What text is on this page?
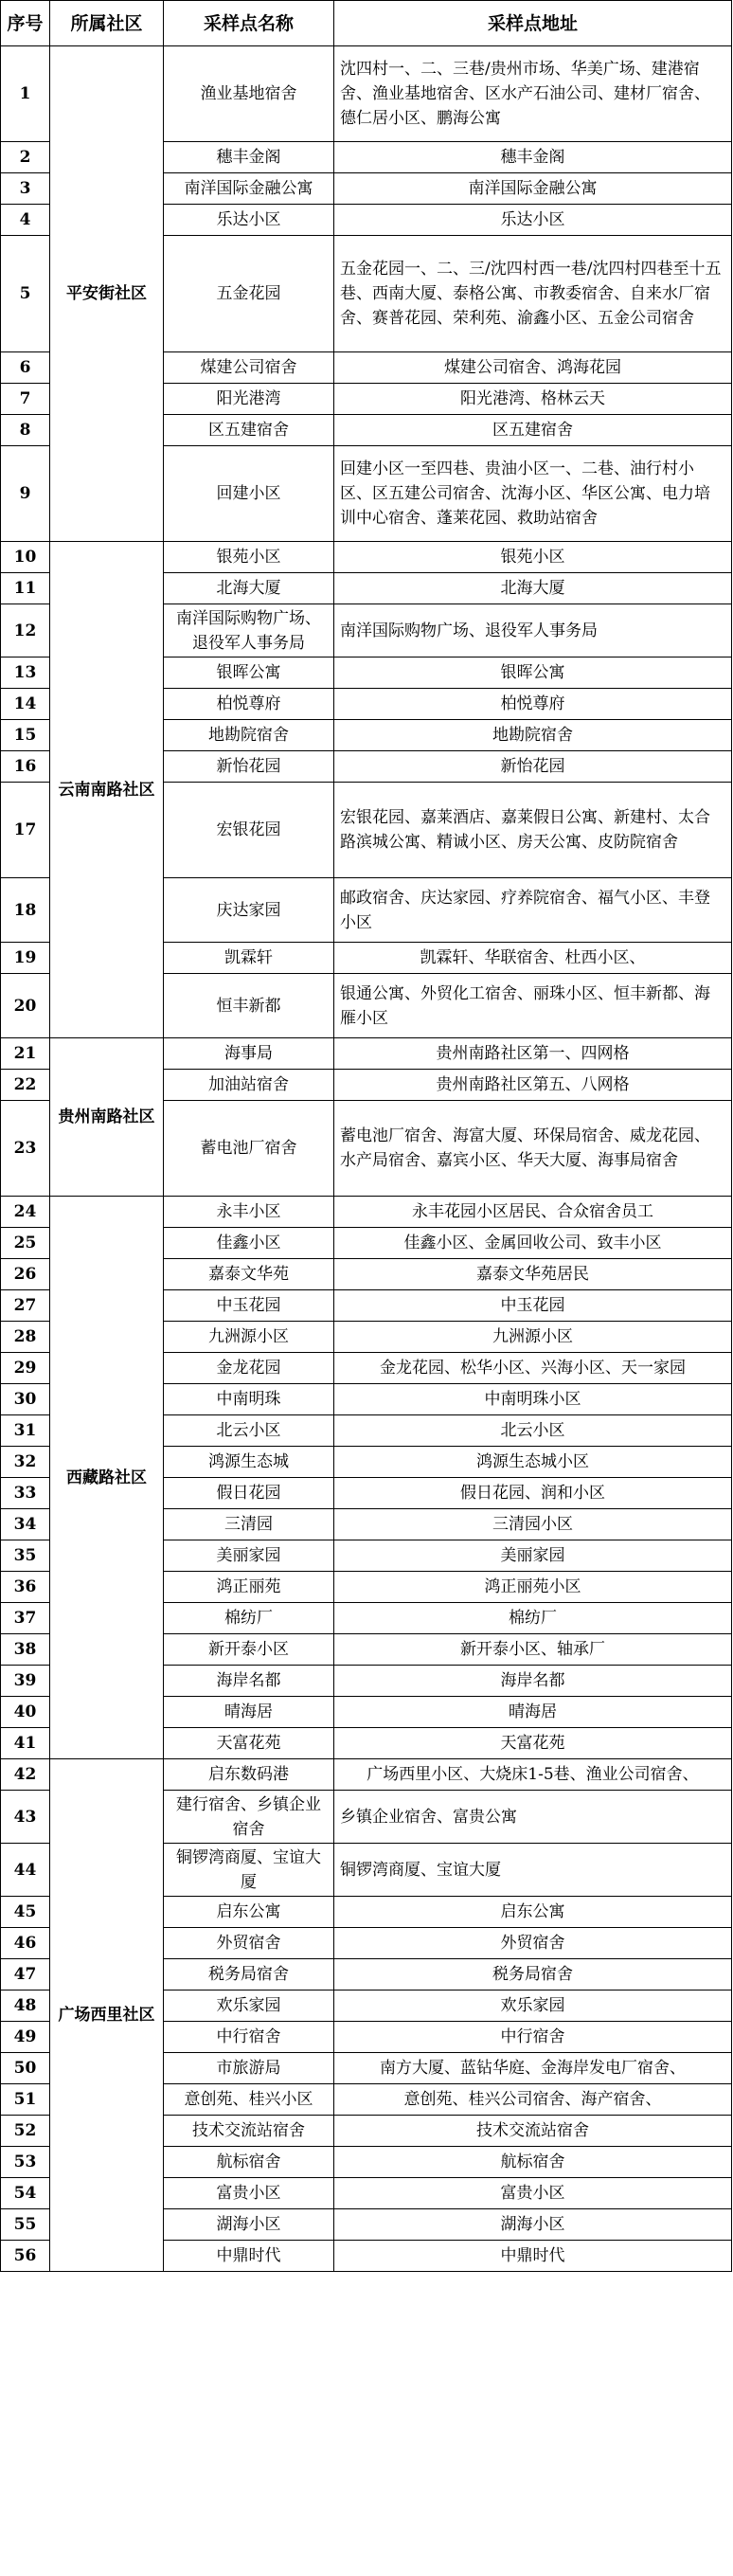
序号	所属社区	采样点名称	采样点地址
1	平安街社区	渔业基地宿舍	沈四村一、二、三巷/贵州市场、华美广场、建港宿舍、渔业基地宿舍、区水产石油公司、建材厂宿舍、德仁居小区、鹏海公寓
2		穗丰金阁	穗丰金阁
3		南洋国际金融公寓	南洋国际金融公寓
4		乐达小区	乐达小区
5		五金花园	五金花园一、二、三/沈四村西一巷/沈四村四巷至十五巷、西南大厦、泰格公寓、市教委宿舍、自来水厂宿舍、赛普花园、荣利苑、渝鑫小区、五金公司宿舍
6		煤建公司宿舍	煤建公司宿舍、鸿海花园
7		阳光港湾	阳光港湾、格林云天
8		区五建宿舍	区五建宿舍
9		回建小区	回建小区一至四巷、贵油小区一、二巷、油行村小区、区五建公司宿舍、沈海小区、华区公寓、电力培训中心宿舍、蓬莱花园、救助站宿舍
10	云南南路社区	银苑小区	银苑小区
11		北海大厦	北海大厦
12		南洋国际购物广场、退役军人事务局	南洋国际购物广场、退役军人事务局
13		银晖公寓	银晖公寓
14		柏悦尊府	柏悦尊府
15		地勘院宿舍	地勘院宿舍
16		新怡花园	新怡花园
17		宏银花园	宏银花园、嘉莱酒店、嘉莱假日公寓、新建村、太合路滨城公寓、精诚小区、房天公寓、皮防院宿舍
18		庆达家园	邮政宿舍、庆达家园、疗养院宿舍、福气小区、丰登小区
19		凯霖轩	凯霖轩、华联宿舍、杜西小区、
20		恒丰新都	银通公寓、外贸化工宿舍、丽珠小区、恒丰新都、海雁小区
21	贵州南路社区	海事局	贵州南路社区第一、四网格
22		加油站宿舍	贵州南路社区第五、八网格
23		蓄电池厂宿舍	蓄电池厂宿舍、海富大厦、环保局宿舍、威龙花园、水产局宿舍、嘉宾小区、华天大厦、海事局宿舍
24	西藏路社区	永丰小区	永丰花园小区居民、合众宿舍员工
25		佳鑫小区	佳鑫小区、金属回收公司、致丰小区
26		嘉泰文华苑	嘉泰文华苑居民
27		中玉花园	中玉花园
28		九洲源小区	九洲源小区
29		金龙花园	金龙花园、松华小区、兴海小区、天一家园
30		中南明珠	中南明珠小区
31		北云小区	北云小区
32		鸿源生态城	鸿源生态城小区
33		假日花园	假日花园、润和小区
34		三清园	三清园小区
35		美丽家园	美丽家园
36		鸿正丽苑	鸿正丽苑小区
37		棉纺厂	棉纺厂
38		新开泰小区	新开泰小区、轴承厂
39		海岸名都	海岸名都
40		晴海居	晴海居
41		天富花苑	天富花苑
42	广场西里社区	启东数码港	广场西里小区、大烧床1-5巷、渔业公司宿舍、
43		建行宿舍、乡镇企业宿舍	乡镇企业宿舍、富贵公寓
44		铜锣湾商厦、宝谊大厦	铜锣湾商厦、宝谊大厦
45		启东公寓	启东公寓
46		外贸宿舍	外贸宿舍
47		税务局宿舍	税务局宿舍
48		欢乐家园	欢乐家园
49		中行宿舍	中行宿舍
50		市旅游局	南方大厦、蓝钻华庭、金海岸发电厂宿舍、
51		意创苑、桂兴小区	意创苑、桂兴公司宿舍、海产宿舍、
52		技术交流站宿舍	技术交流站宿舍
53		航标宿舍	航标宿舍
54		富贵小区	富贵小区
55		湖海小区	湖海小区
56		中鼎时代	中鼎时代
